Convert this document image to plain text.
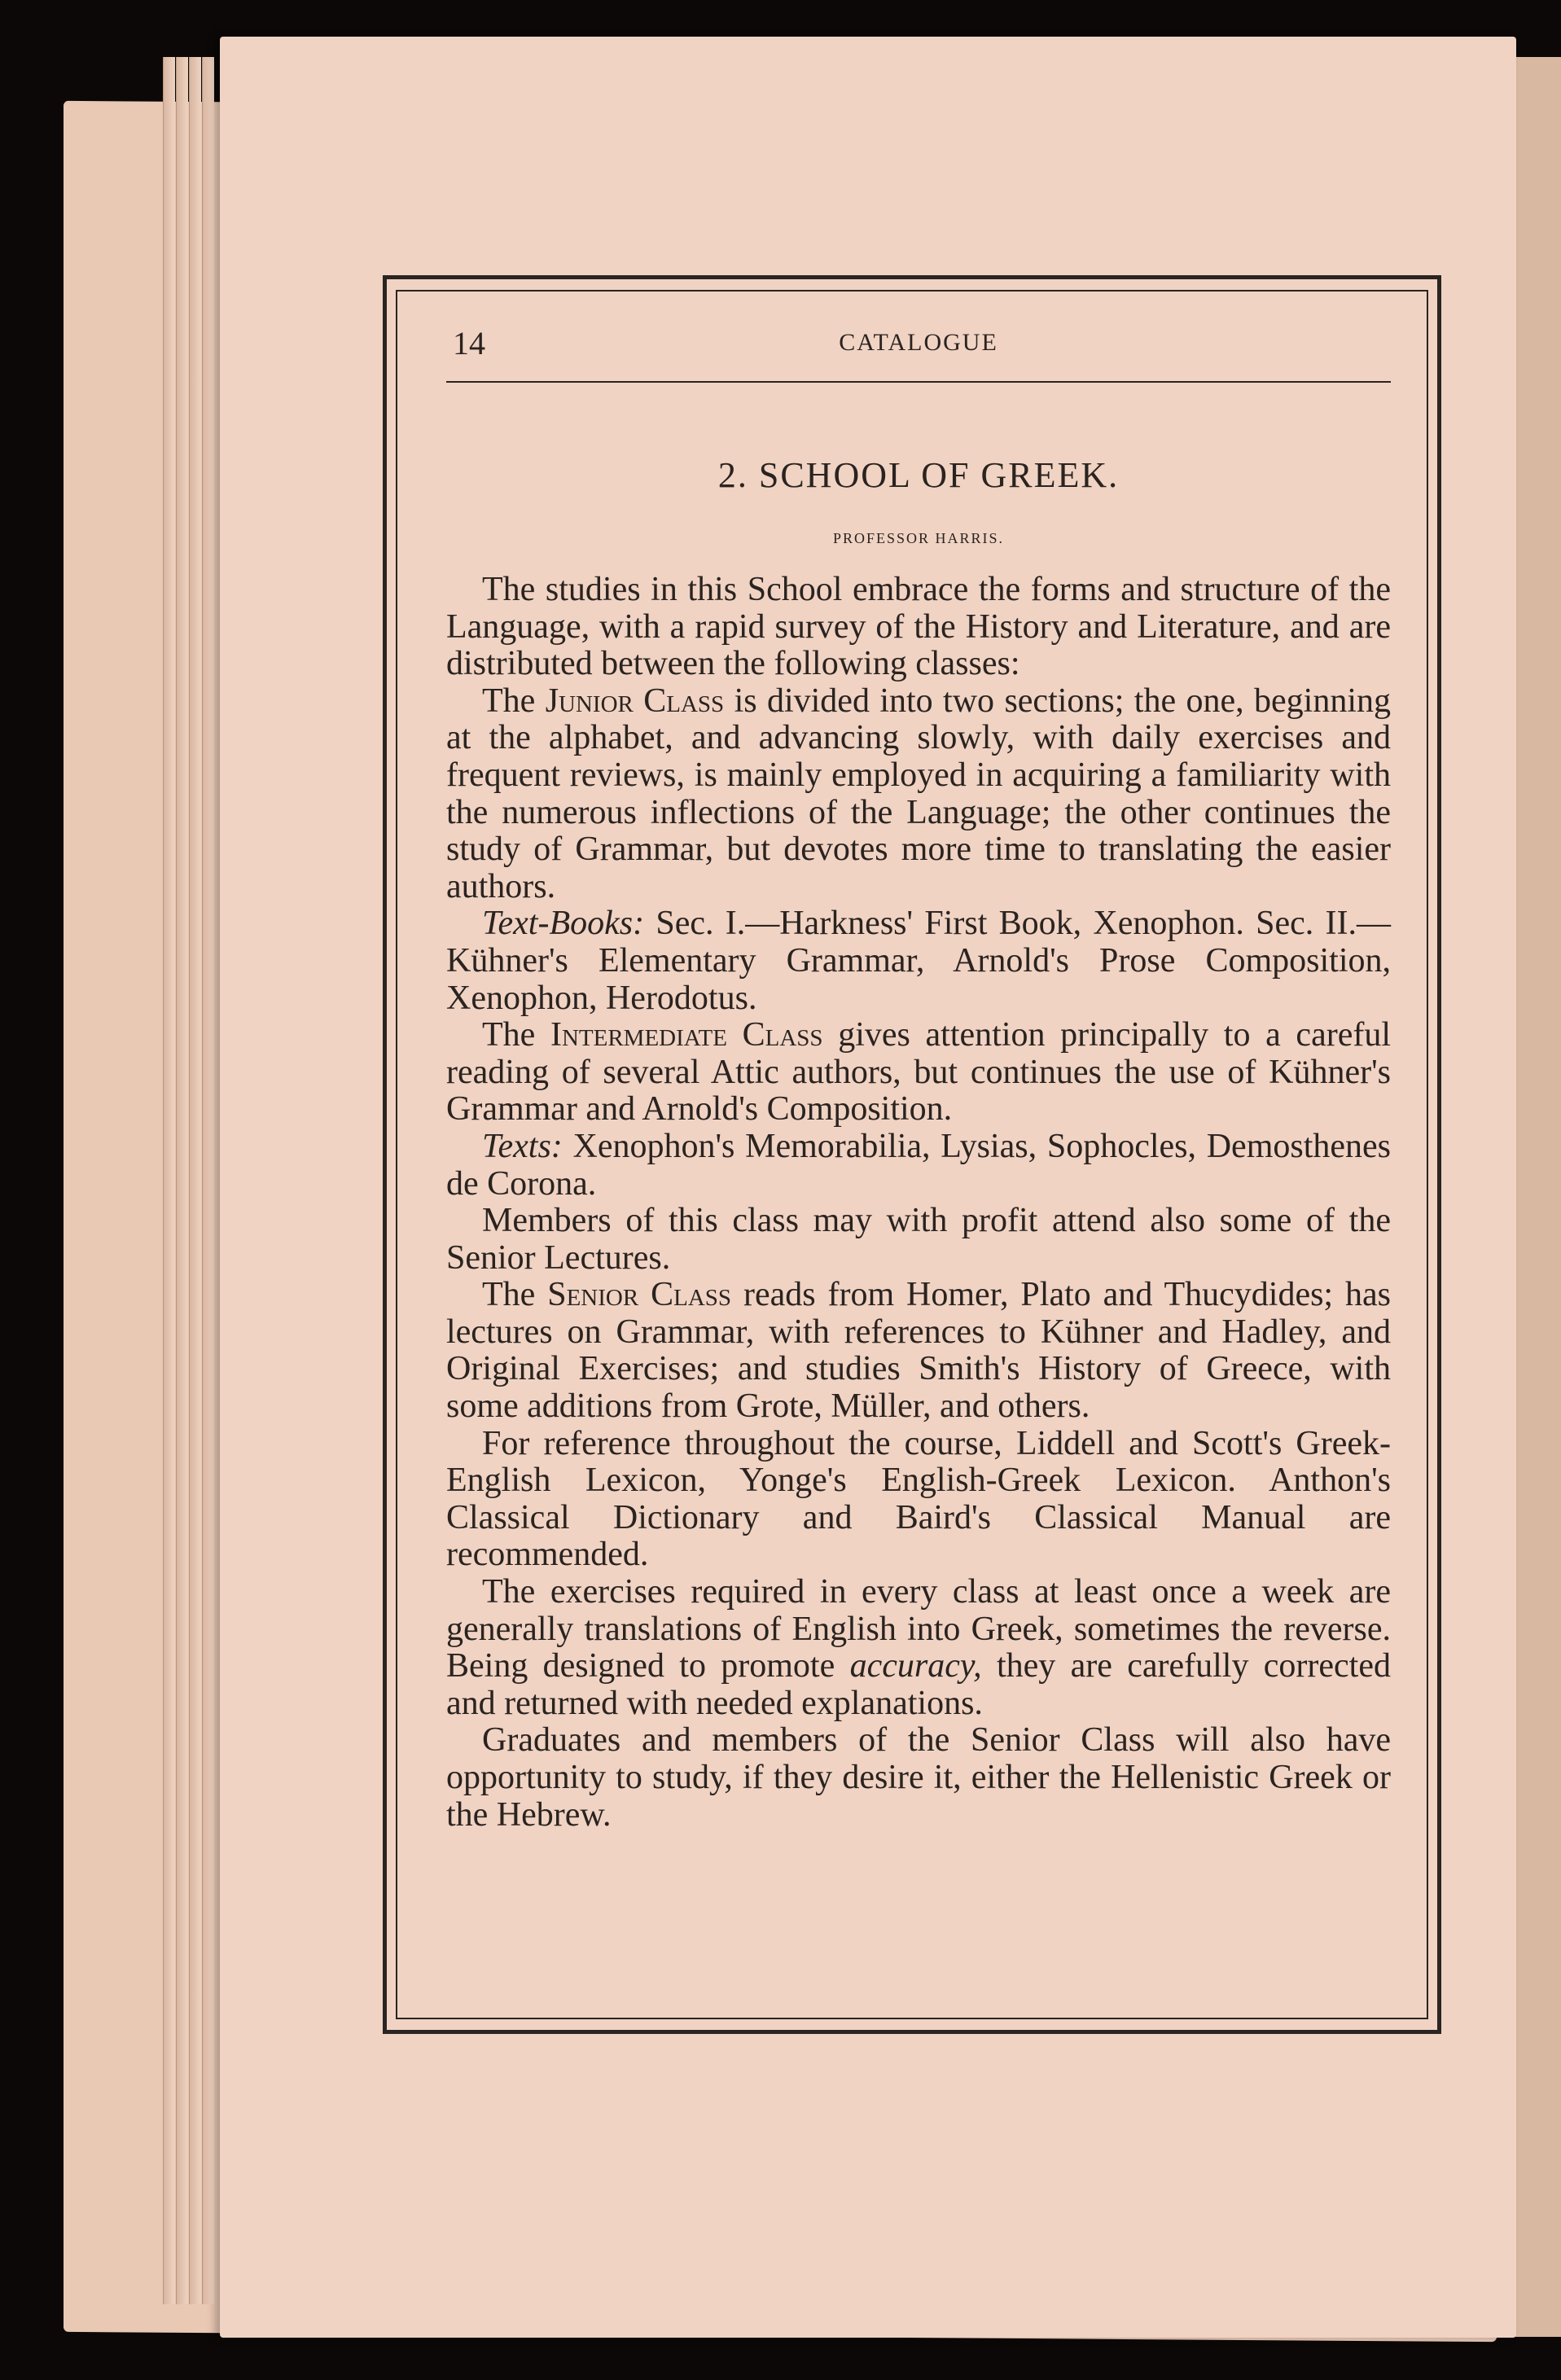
14	CATALOGUE
2. SCHOOL OF GREEK.
PROFESSOR HARRIS.

The studies in this School embrace the forms and structure of the Language, with a rapid survey of the History and Literature, and are distributed between the following classes:

The Junior Class is divided into two sections; the one, beginning at the alphabet, and advancing slowly, with daily exercises and frequent reviews, is mainly employed in acquiring a familiarity with the numerous inflections of the Language; the other continues the study of Grammar, but devotes more time to translating the easier authors.

Text-Books: Sec. I.—Harkness' First Book, Xenophon. Sec. II.—Kühner's Elementary Grammar, Arnold's Prose Composition, Xenophon, Herodotus.

The Intermediate Class gives attention principally to a careful reading of several Attic authors, but continues the use of Kühner's Grammar and Arnold's Composition.

Texts: Xenophon's Memorabilia, Lysias, Sophocles, Demosthenes de Corona.

Members of this class may with profit attend also some of the Senior Lectures.

The Senior Class reads from Homer, Plato and Thucydides; has lectures on Grammar, with references to Kühner and Hadley, and Original Exercises; and studies Smith's History of Greece, with some additions from Grote, Müller, and others.

For reference throughout the course, Liddell and Scott's Greek-English Lexicon, Yonge's English-Greek Lexicon. Anthon's Classical Dictionary and Baird's Classical Manual are recommended.

The exercises required in every class at least once a week are generally translations of English into Greek, sometimes the reverse. Being designed to promote accuracy, they are carefully corrected and returned with needed explanations.

Graduates and members of the Senior Class will also have opportunity to study, if they desire it, either the Hellenistic Greek or the Hebrew.
